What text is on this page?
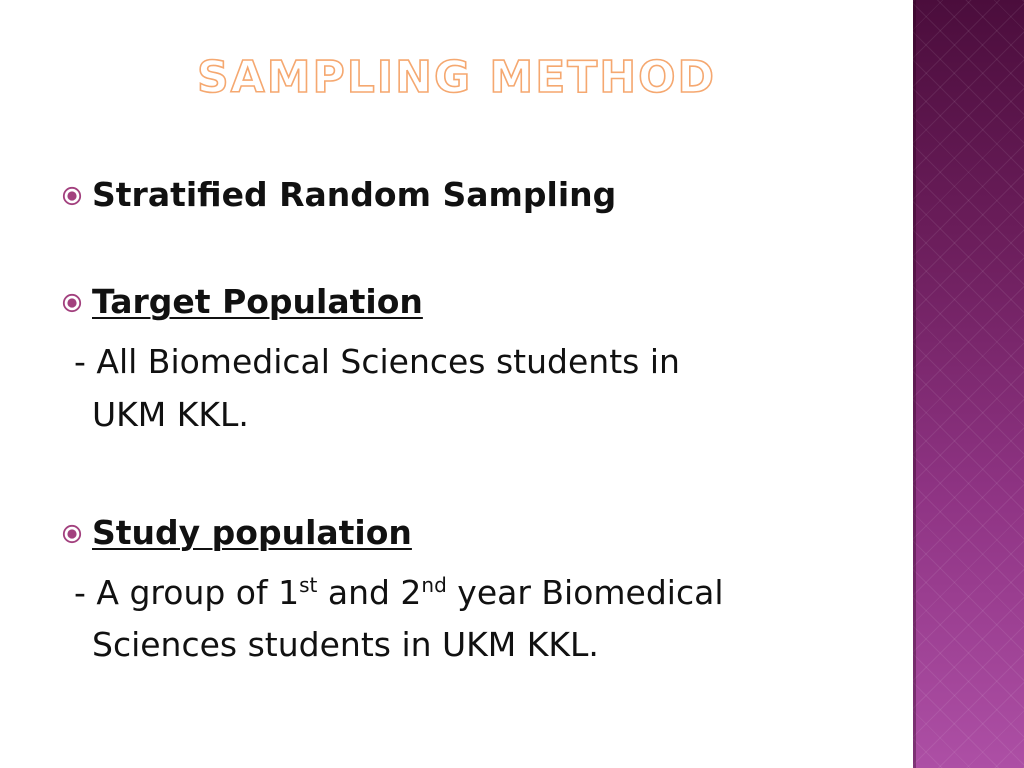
SAMPLING METHOD
Stratified Random Sampling
Target Population
- All Biomedical Sciences students in
UKM KKL.
Study population
- A group of 1st and 2nd year Biomedical
Sciences students in UKM KKL.
